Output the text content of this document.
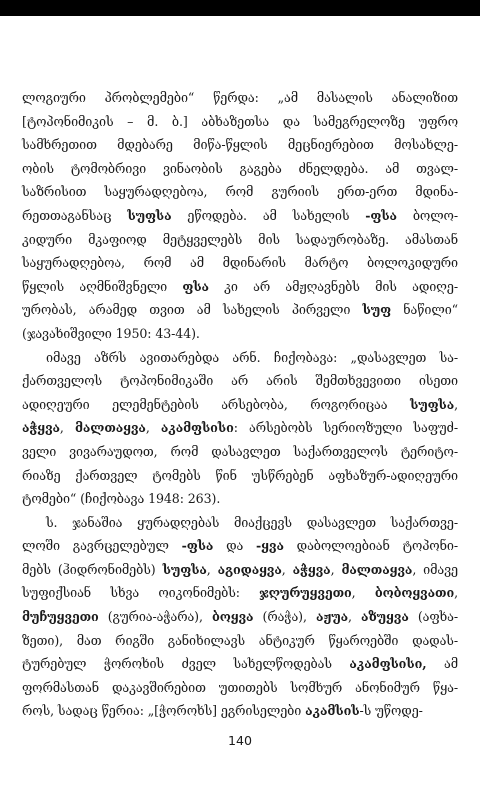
ლოგიური პრობლემები“ წერდა: „ამ მასალის ანალიზით
[ტოპონიმიკის – მ. ბ.] აბხაზეთსა და სამეგრელოზე უფრო
სამხრეთით მდებარე მიწა-წყლის მეცნიერებით მოსახლე-
ობის ტომობრივი ვინაობის გაგება ძნელდება. ამ თვალ-
საზრისით საყურადღებოა, რომ გურიის ერთ-ერთ მდინა-
რეთთაგანსაც სუფსა ეწოდება. ამ სახელის -ფსა ბოლო-
კიდური მკაფიოდ მეტყველებს მის სადაურობაზე. ამასთან
საყურადღებოა, რომ ამ მდინარის მარტო ბოლოკიდური
წყლის აღმნიშვნელი ფსა კი არ ამჟღავნებს მის ადიღე-
ურობას, არამედ თვით ამ სახელის პირველი სუფ ნაწილი“
(ჯავახიშვილი 1950: 43-44).
იმავე აზრს ავითარებდა არნ. ჩიქობავა: „დასავლეთ სა-
ქართველოს ტოპონიმიკაში არ არის შემთხვევითი ისეთი
ადიღეური ელემენტების არსებობა, როგორიცაა სუფსა,
აჭყვა, მალთაყვა, აკამფსისი: არსებობს სერიოზული საფუძ-
ველი ვივარაუდოთ, რომ დასავლეთ საქართველოს ტერიტო-
რიაზე ქართველ ტომებს წინ უსწრებენ აფხაზურ-ადიღეური
ტომები“ (ჩიქობავა 1948: 263).
ს. ჯანაშია ყურადღებას მიაქცევს დასავლეთ საქართვე-
ლოში გავრცელებულ -ფსა და -ყვა დაბოლოებიან ტოპონი-
მებს (ჰიდრონიმებს) სუფსა, აგიდაყვა, აჭყვა, მალთაყვა, იმავე
სუფიქსიან სხვა ოიკონიმებს: ჯღურუყვეთი, ბობოყვათი,
მუჩუყვეთი (გურია-აჭარა), ბოყვა (რაჭა), აჟუა, აზუყვა (აფხა-
ზეთი), მათ რიგში განიხილავს ანტიკურ წყაროებში დადას-
ტურებულ ჭოროხის ძველ სახელწოდებას აკამფსისი, ამ
ფორმასთან დაკავშირებით უთითებს სომხურ ანონიმურ წყა-
როს, სადაც წერია: „[ჭოროხს] ეგრისელები აკამსის-ს უწოდე-
140
